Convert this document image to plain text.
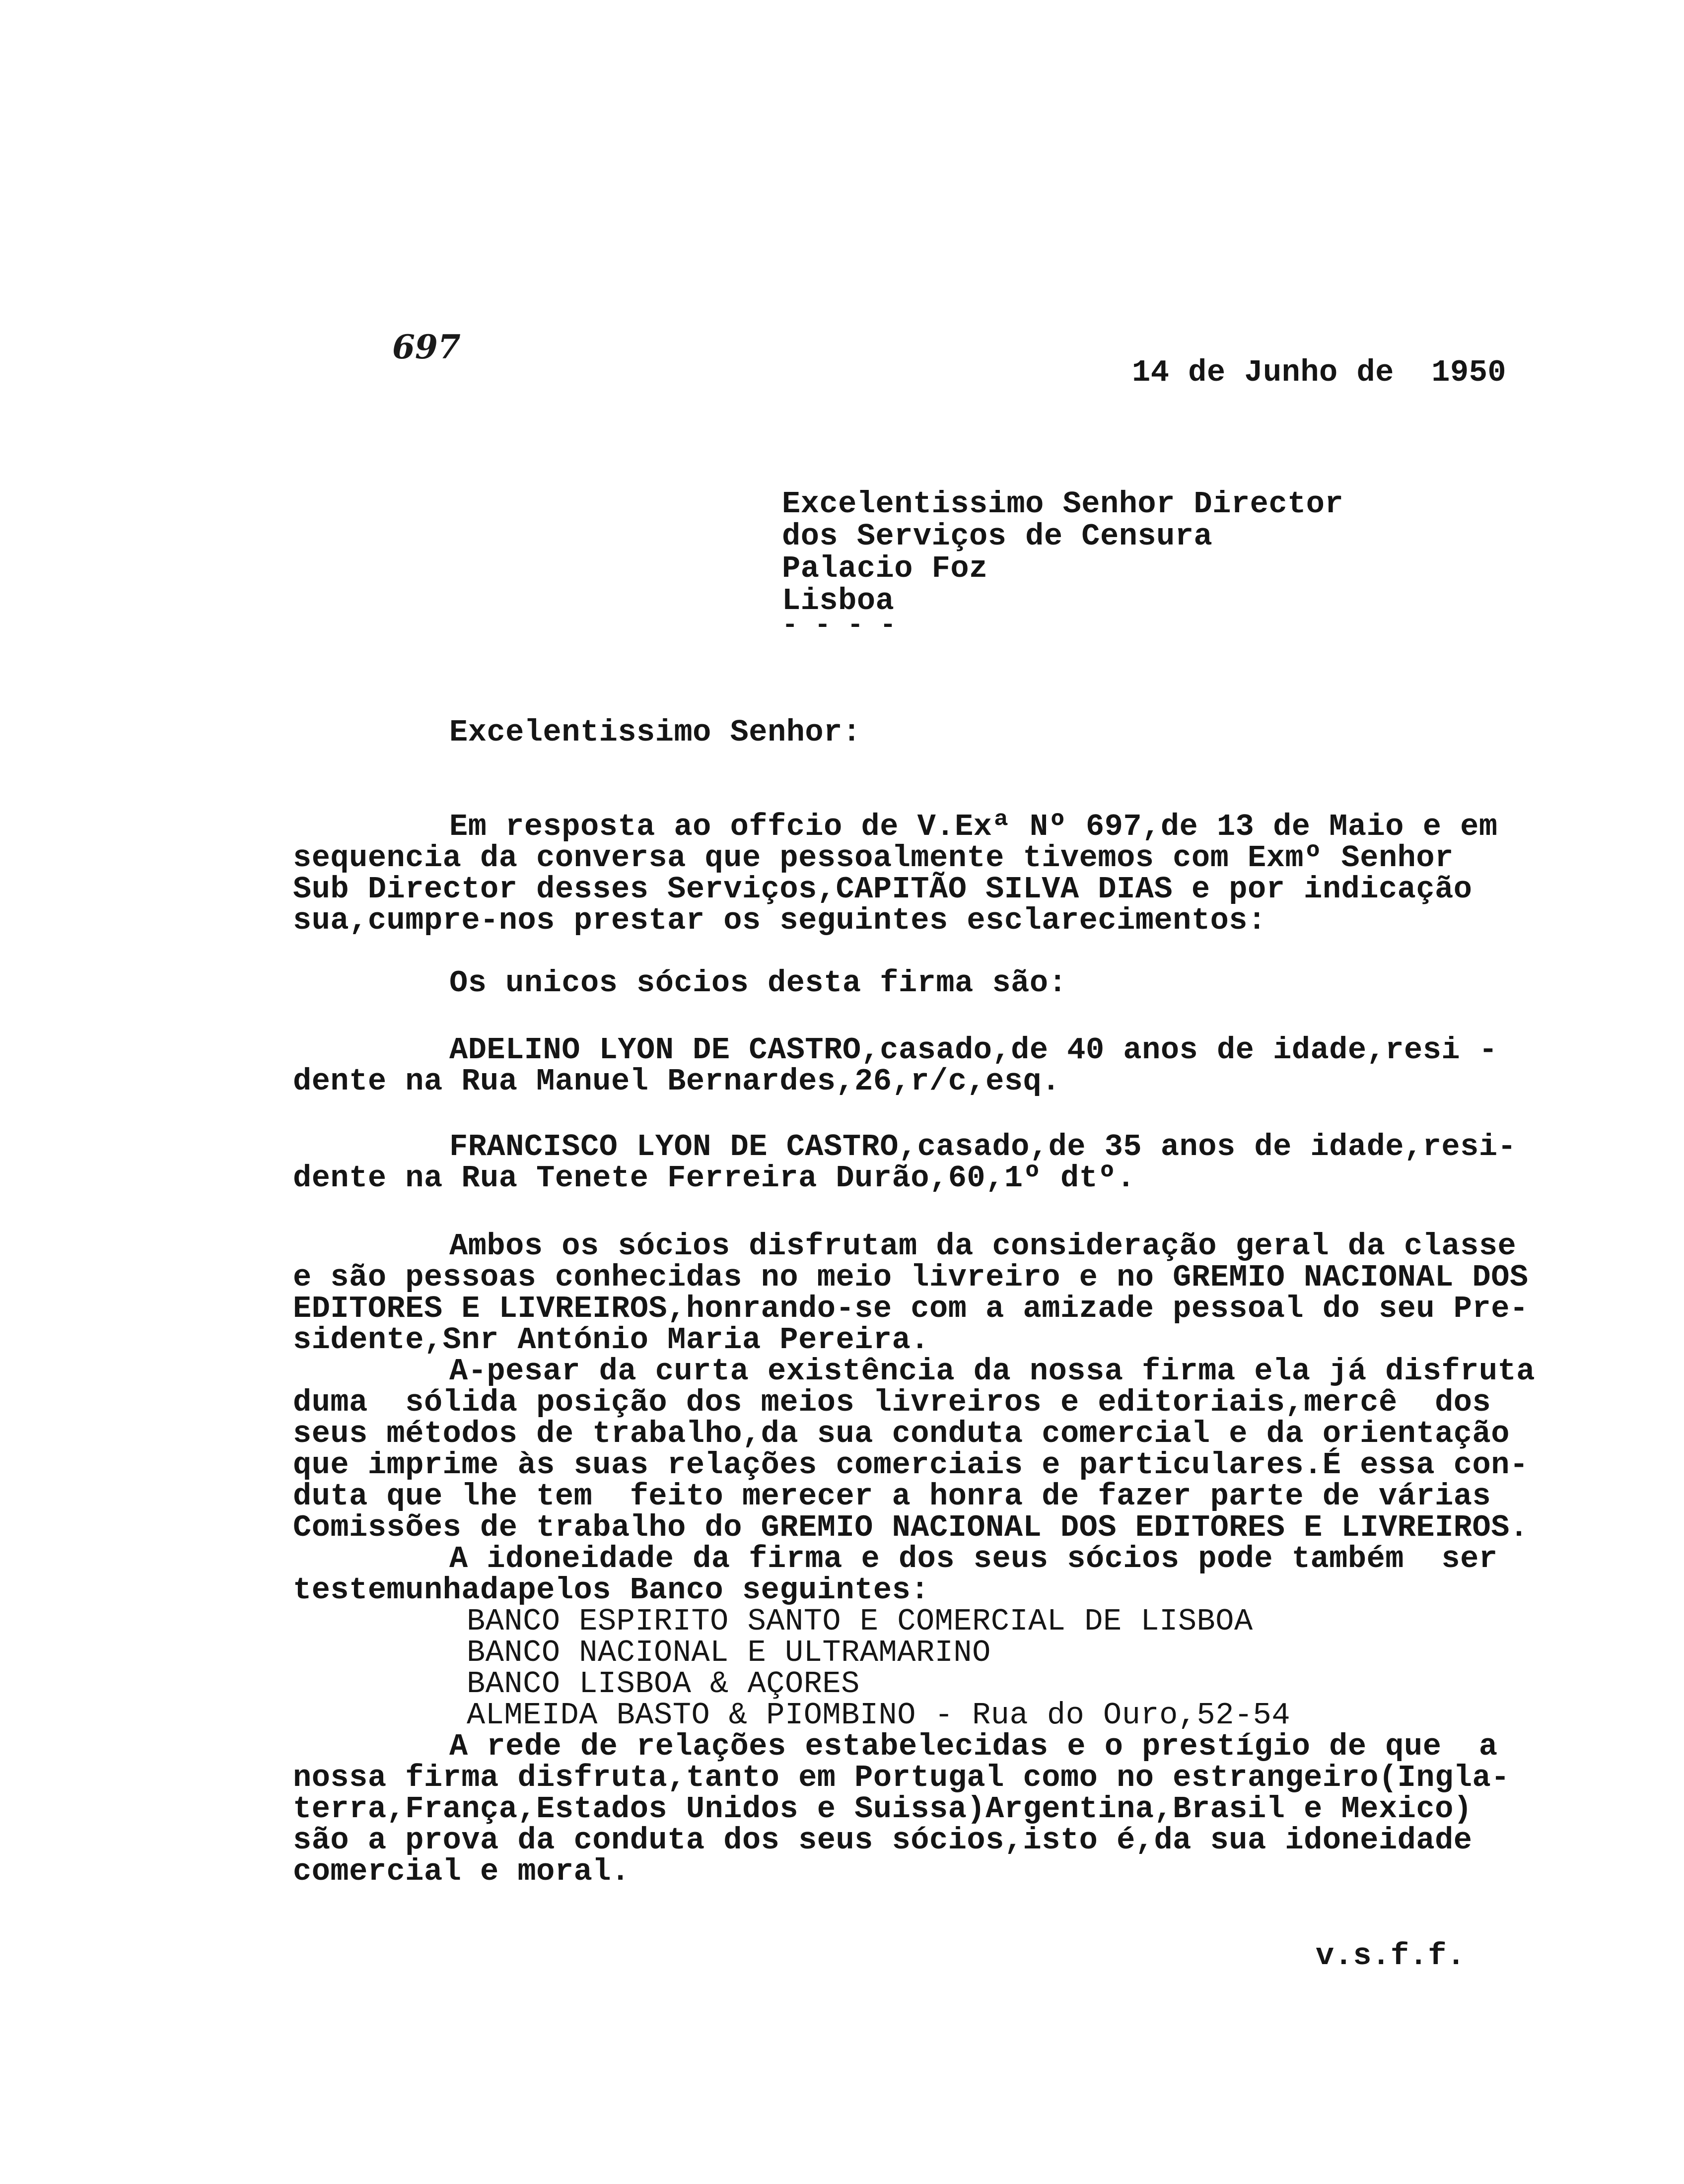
697
14 de Junho de  1950
Excelentissimo Senhor Director
dos Serviços de Censura
Palacio Foz
Lisboa
- - - -
Excelentissimo Senhor:
Em resposta ao offcio de V.Exª Nº 697,de 13 de Maio e em
sequencia da conversa que pessoalmente tivemos com Exmº Senhor
Sub Director desses Serviços,CAPITÃO SILVA DIAS e por indicação
sua,cumpre-nos prestar os seguintes esclarecimentos:
Os unicos sócios desta firma são:
ADELINO LYON DE CASTRO,casado,de 40 anos de idade,resi -
dente na Rua Manuel Bernardes,26,r/c,esq.
FRANCISCO LYON DE CASTRO,casado,de 35 anos de idade,resi-
dente na Rua Tenete Ferreira Durão,60,1º dtº.
Ambos os sócios disfrutam da consideração geral da classe
e são pessoas conhecidas no meio livreiro e no GREMIO NACIONAL DOS
EDITORES E LIVREIROS,honrando-se com a amizade pessoal do seu Pre-
sidente,Snr António Maria Pereira.
A-pesar da curta existência da nossa firma ela já disfruta
duma  sólida posição dos meios livreiros e editoriais,mercê  dos
seus métodos de trabalho,da sua conduta comercial e da orientação
que imprime às suas relações comerciais e particulares.É essa con-
duta que lhe tem  feito merecer a honra de fazer parte de várias
Comissões de trabalho do GREMIO NACIONAL DOS EDITORES E LIVREIROS.
A idoneidade da firma e dos seus sócios pode também  ser
testemunhadapelos Banco seguintes:
BANCO ESPIRITO SANTO E COMERCIAL DE LISBOA
BANCO NACIONAL E ULTRAMARINO
BANCO LISBOA & AÇORES
ALMEIDA BASTO & PIOMBINO - Rua do Ouro,52-54
A rede de relações estabelecidas e o prestígio de que  a
nossa firma disfruta,tanto em Portugal como no estrangeiro(Ingla-
terra,França,Estados Unidos e Suissa)Argentina,Brasil e Mexico)
são a prova da conduta dos seus sócios,isto é,da sua idoneidade
comercial e moral.
v.s.f.f.
